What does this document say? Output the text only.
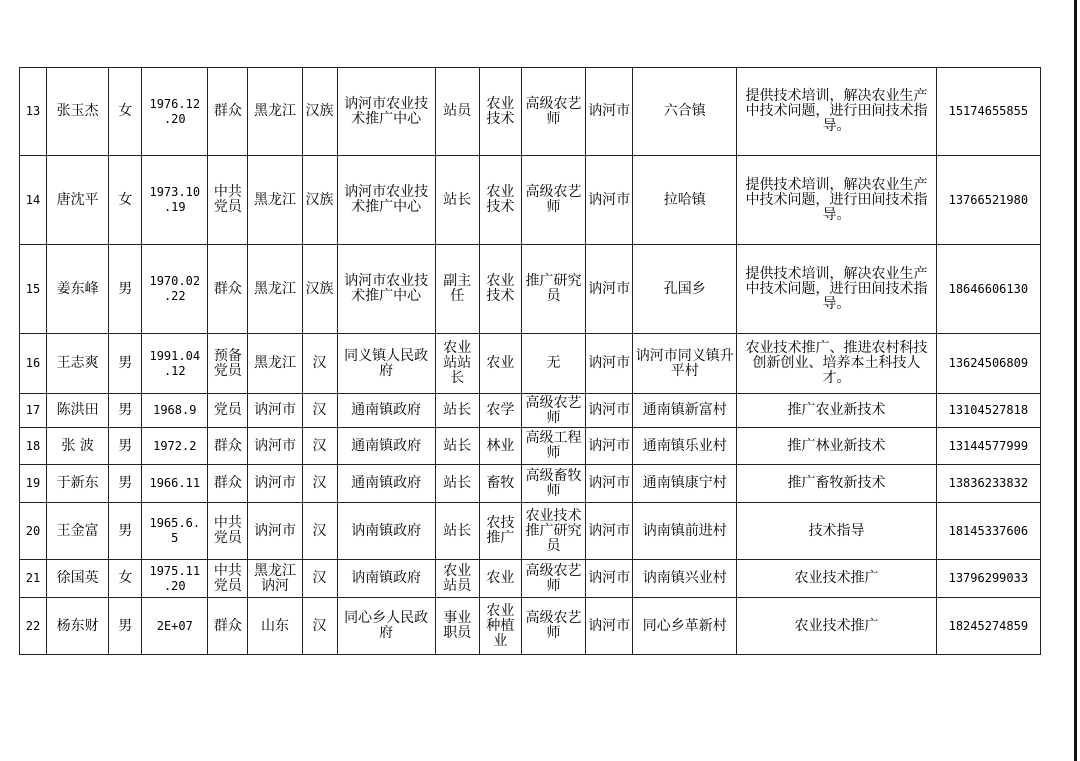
13	张玉杰	女	1976.12 .20	群众	黑龙江	汉族	讷河市农业技术推广中心	站员	农业技术	高级农艺师	讷河市	六合镇	提供技术培训，解决农业生产中技术问题，进行田间技术指导。	15174655855
14	唐沈平	女	1973.10 .19	中共党员	黑龙江	汉族	讷河市农业技术推广中心	站长	农业技术	高级农艺师	讷河市	拉哈镇	提供技术培训，解决农业生产中技术问题，进行田间技术指导。	13766521980
15	姜东峰	男	1970.02 .22	群众	黑龙江	汉族	讷河市农业技术推广中心	副主任	农业技术	推广研究员	讷河市	孔国乡	提供技术培训，解决农业生产中技术问题，进行田间技术指导。	18646606130
16	王志爽	男	1991.04 .12	预备党员	黑龙江	汉	同义镇人民政府	农业站站长	农业	无	讷河市	讷河市同义镇升平村	农业技术推广、推进农村科技创新创业、培养本土科技人才。	13624506809
17	陈洪田	男	1968.9	党员	讷河市	汉	通南镇政府	站长	农学	高级农艺师	讷河市	通南镇新富村	推广农业新技术	13104527818
18	张 波	男	1972.2	群众	讷河市	汉	通南镇政府	站长	林业	高级工程师	讷河市	通南镇乐业村	推广林业新技术	13144577999
19	于新东	男	1966.11	群众	讷河市	汉	通南镇政府	站长	畜牧	高级畜牧师	讷河市	通南镇康宁村	推广畜牧新技术	13836233832
20	王金富	男	1965.6. 5	中共党员	讷河市	汉	讷南镇政府	站长	农技推广	农业技术推广研究员	讷河市	讷南镇前进村	技术指导	18145337606
21	徐国英	女	1975.11 .20	中共党员	黑龙江讷河	汉	讷南镇政府	农业站员	农业	高级农艺师	讷河市	讷南镇兴业村	农业技术推广	13796299033
22	杨东财	男	2E+07	群众	山东	汉	同心乡人民政府	事业职员	农业种植业	高级农艺师	讷河市	同心乡革新村	农业技术推广	18245274859
